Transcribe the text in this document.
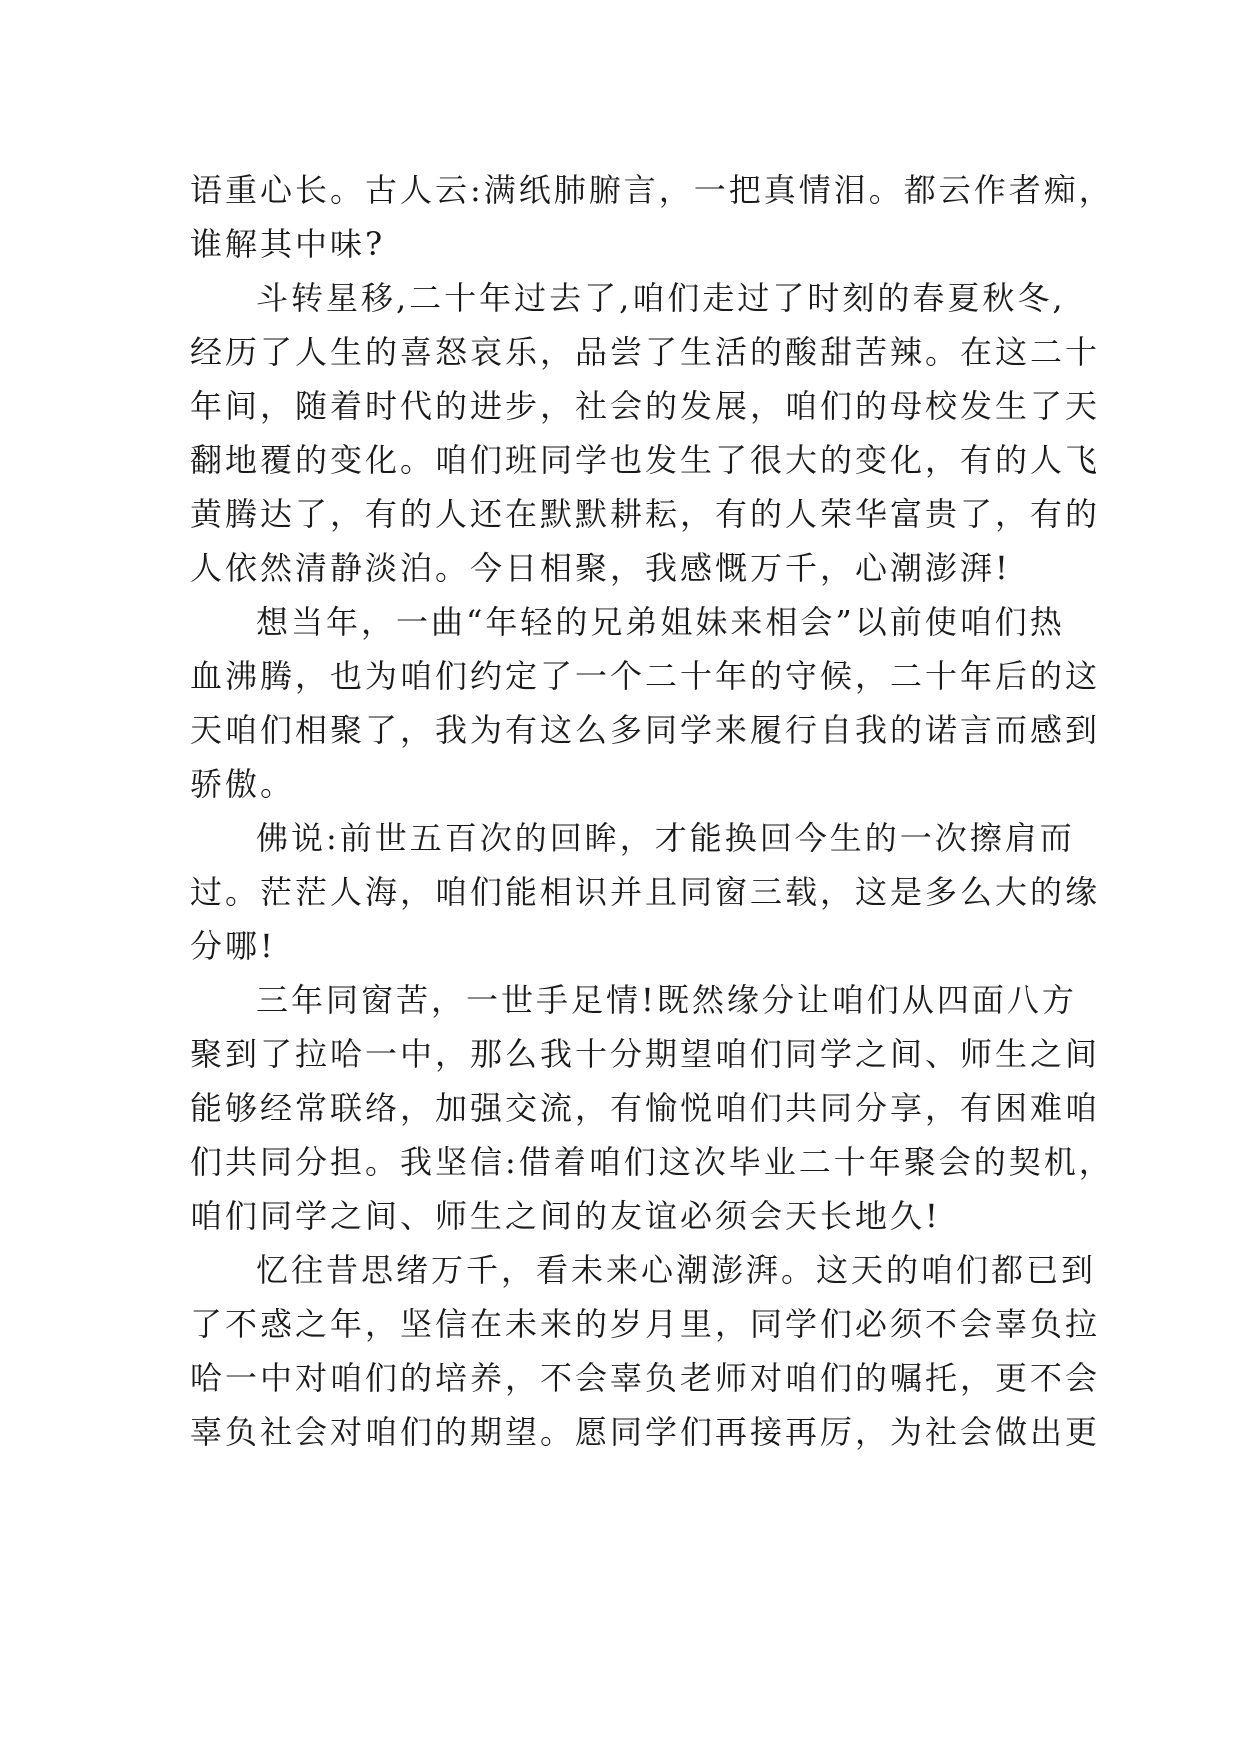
语重心长。古人云:满纸肺腑言，一把真情泪。都云作者痴，
谁解其中味?
斗转星移,二十年过去了,咱们走过了时刻的春夏秋冬,
经历了人生的喜怒哀乐，品尝了生活的酸甜苦辣。在这二十
年间，随着时代的进步，社会的发展，咱们的母校发生了天
翻地覆的变化。咱们班同学也发生了很大的变化，有的人飞
黄腾达了，有的人还在默默耕耘，有的人荣华富贵了，有的
人依然清静淡泊。今日相聚，我感慨万千，心潮澎湃!
想当年，一曲“年轻的兄弟姐妹来相会”以前使咱们热
血沸腾，也为咱们约定了一个二十年的守候，二十年后的这
天咱们相聚了，我为有这么多同学来履行自我的诺言而感到
骄傲。
佛说:前世五百次的回眸，才能换回今生的一次擦肩而
过。茫茫人海，咱们能相识并且同窗三载，这是多么大的缘
分哪!
三年同窗苦，一世手足情!既然缘分让咱们从四面八方
聚到了拉哈一中，那么我十分期望咱们同学之间、师生之间
能够经常联络，加强交流，有愉悦咱们共同分享，有困难咱
们共同分担。我坚信:借着咱们这次毕业二十年聚会的契机，
咱们同学之间、师生之间的友谊必须会天长地久!
忆往昔思绪万千，看未来心潮澎湃。这天的咱们都已到
了不惑之年，坚信在未来的岁月里，同学们必须不会辜负拉
哈一中对咱们的培养，不会辜负老师对咱们的嘱托，更不会
辜负社会对咱们的期望。愿同学们再接再厉，为社会做出更
